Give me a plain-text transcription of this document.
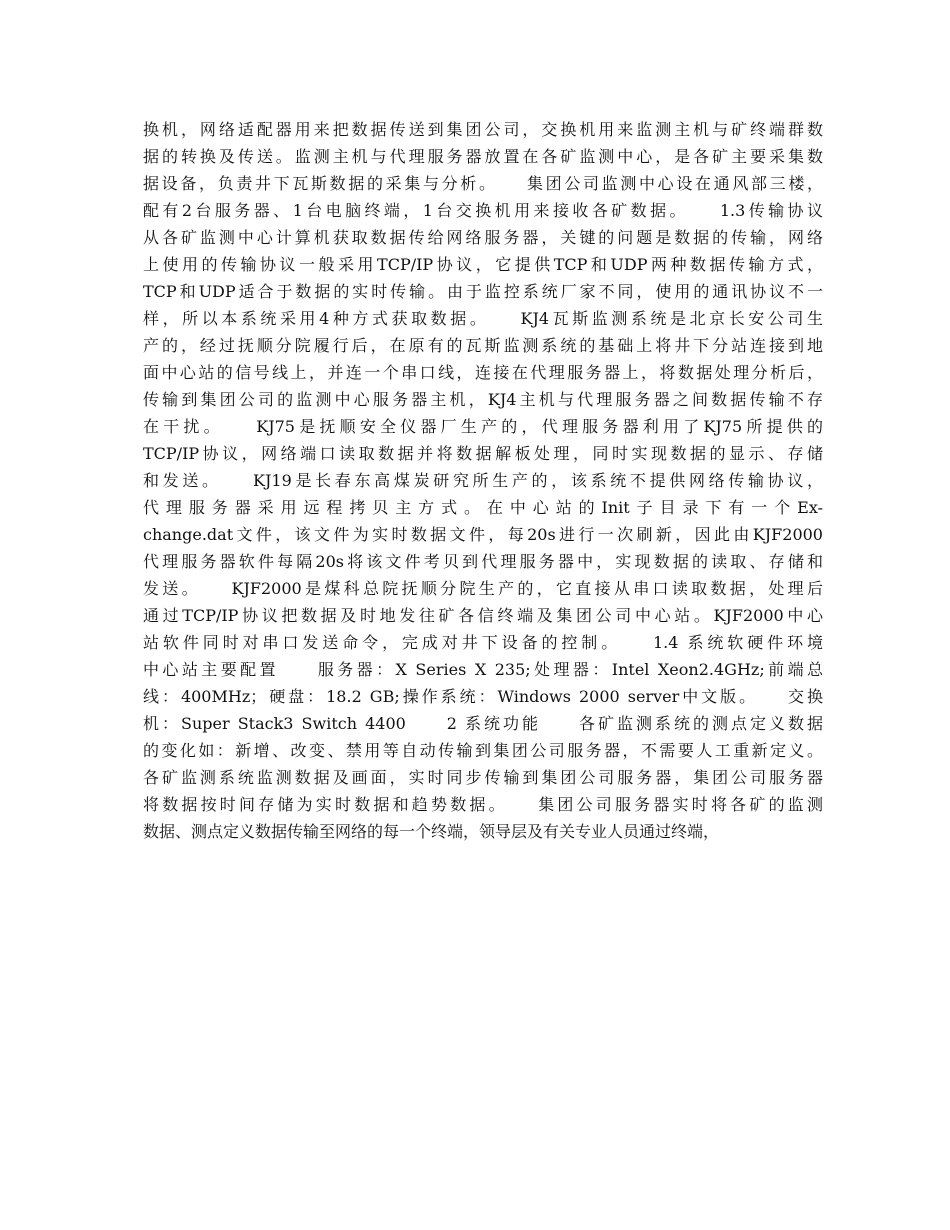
换机，网络适配器用来把数据传送到集团公司，交换机用来监测主机与矿终端群数
据的转换及传送。监测主机与代理服务器放置在各矿监测中心，是各矿主要采集数
据设备，负责井下瓦斯数据的采集与分析。　　集团公司监测中心设在通风部三楼，
配有2台服务器、1台电脑终端，1台交换机用来接收各矿数据。　　1.3传输协议
从各矿监测中心计算机获取数据传给网络服务器，关键的问题是数据的传输，网络
上使用的传输协议一般采用TCP/IP协议，它提供TCP和UDP两种数据传输方式，
TCP和UDP适合于数据的实时传输。由于监控系统厂家不同，使用的通讯协议不一
样，所以本系统采用4种方式获取数据。　　KJ4瓦斯监测系统是北京长安公司生
产的，经过抚顺分院履行后，在原有的瓦斯监测系统的基础上将井下分站连接到地
面中心站的信号线上，并连一个串口线，连接在代理服务器上，将数据处理分析后，
传输到集团公司的监测中心服务器主机，KJ4主机与代理服务器之间数据传输不存
在干扰。　　KJ75是抚顺安全仪器厂生产的，代理服务器利用了KJ75所提供的
TCP/IP协议，网络端口读取数据并将数据解板处理，同时实现数据的显示、存储
和发送。　　KJ19是长春东高煤炭研究所生产的，该系统不提供网络传输协议，
代理服务器采用远程拷贝主方式。在中心站的Init子目录下有一个Ex-
change.dat文件，该文件为实时数据文件，每20s进行一次刷新，因此由KJF2000
代理服务器软件每隔20s将该文件考贝到代理服务器中，实现数据的读取、存储和
发送。　　KJF2000是煤科总院抚顺分院生产的，它直接从串口读取数据，处理后
通过TCP/IP协议把数据及时地发往矿各信终端及集团公司中心站。KJF2000中心
站软件同时对串口发送命令，完成对井下设备的控制。　　1.4 系统软硬件环境
中心站主要配置　　服务器：X Series X 235;处理器：Intel Xeon2.4GHz;前端总
线：400MHz；硬盘：18.2 GB;操作系统：Windows 2000 server中文版。　　交换
机：Super Stack3 Switch 4400　　2 系统功能　　各矿监测系统的测点定义数据
的变化如：新增、改变、禁用等自动传输到集团公司服务器，不需要人工重新定义。
各矿监测系统监测数据及画面，实时同步传输到集团公司服务器，集团公司服务器
将数据按时间存储为实时数据和趋势数据。　　集团公司服务器实时将各矿的监测
数据、测点定义数据传输至网络的每一个终端，领导层及有关专业人员通过终端，
